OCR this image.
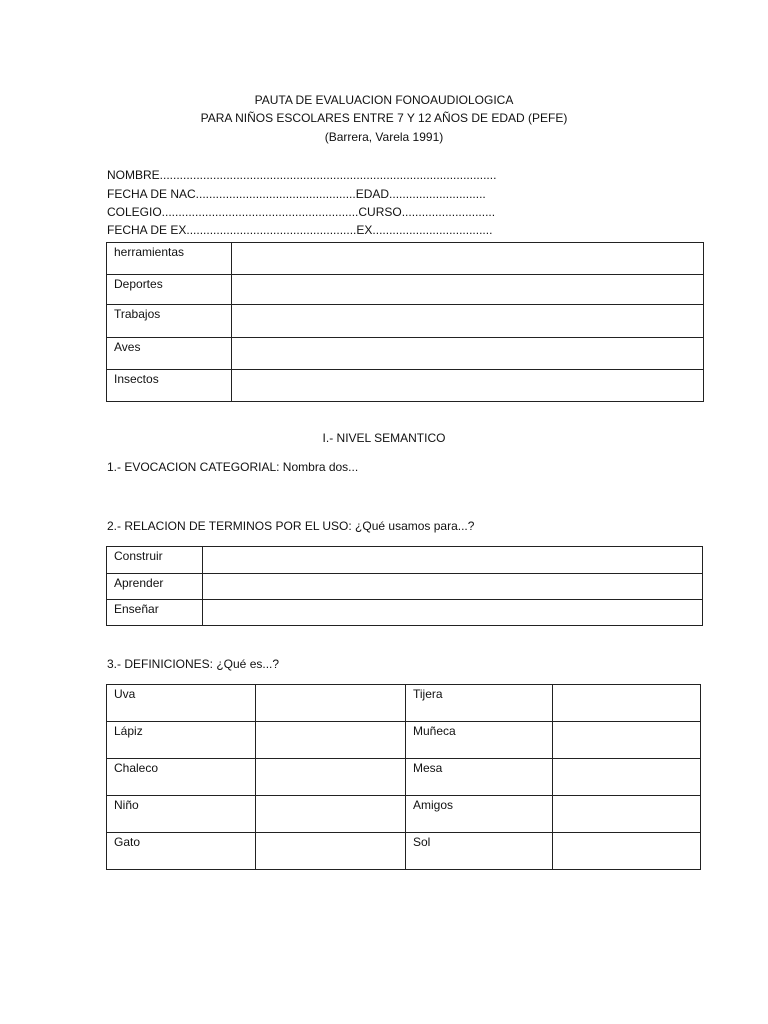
PAUTA DE EVALUACION FONOAUDIOLOGICA
PARA NIÑOS ESCOLARES ENTRE 7 Y 12 AÑOS DE EDAD (PEFE)
(Barrera, Varela 1991)
NOMBRE.....................................................................................................
FECHA DE NAC................................................EDAD.............................
COLEGIO...........................................................CURSO............................
FECHA DE EX...................................................EX....................................
herramientas	

Deportes	

Trabajos	

Aves	

Insectos	

I.- NIVEL SEMANTICO
1.- EVOCACION CATEGORIAL: Nombra dos...
2.- RELACION DE TERMINOS POR EL USO: ¿Qué usamos para...?
Construir	

Aprender	

Enseñar	

3.- DEFINICIONES: ¿Qué es...?
Uva		Tijera	

Lápiz		Muñeca	

Chaleco		Mesa	

Niño		Amigos	

Gato		Sol	
